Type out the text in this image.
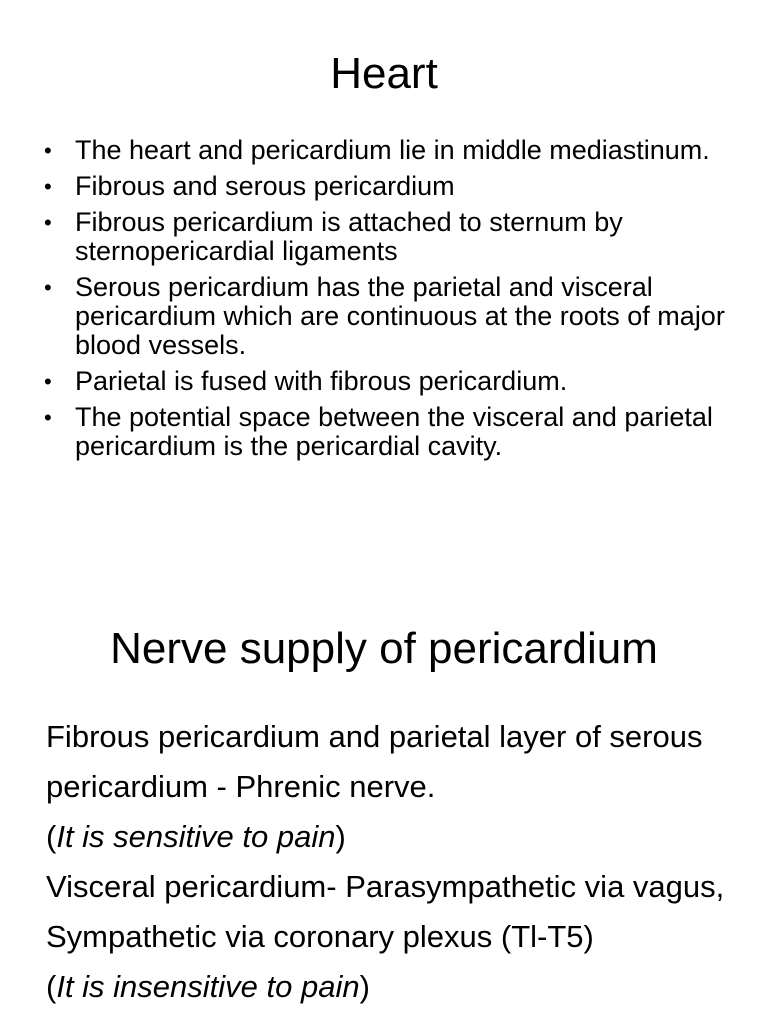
Heart
• The heart and pericardium lie in middle mediastinum.
• Fibrous and serous pericardium
• Fibrous pericardium is attached to sternum by sternopericardial ligaments
• Serous pericardium has the parietal and visceral pericardium which are continuous at the roots of major blood vessels.
• Parietal is fused with fibrous pericardium.
• The potential space between the visceral and parietal pericardium is the pericardial cavity.
Nerve supply of pericardium

Fibrous pericardium and parietal layer of serous pericardium - Phrenic nerve.

(It is sensitive to pain)

Visceral pericardium- Parasympathetic via vagus, Sympathetic via coronary plexus (Tl-T5)

(It is insensitive to pain)
